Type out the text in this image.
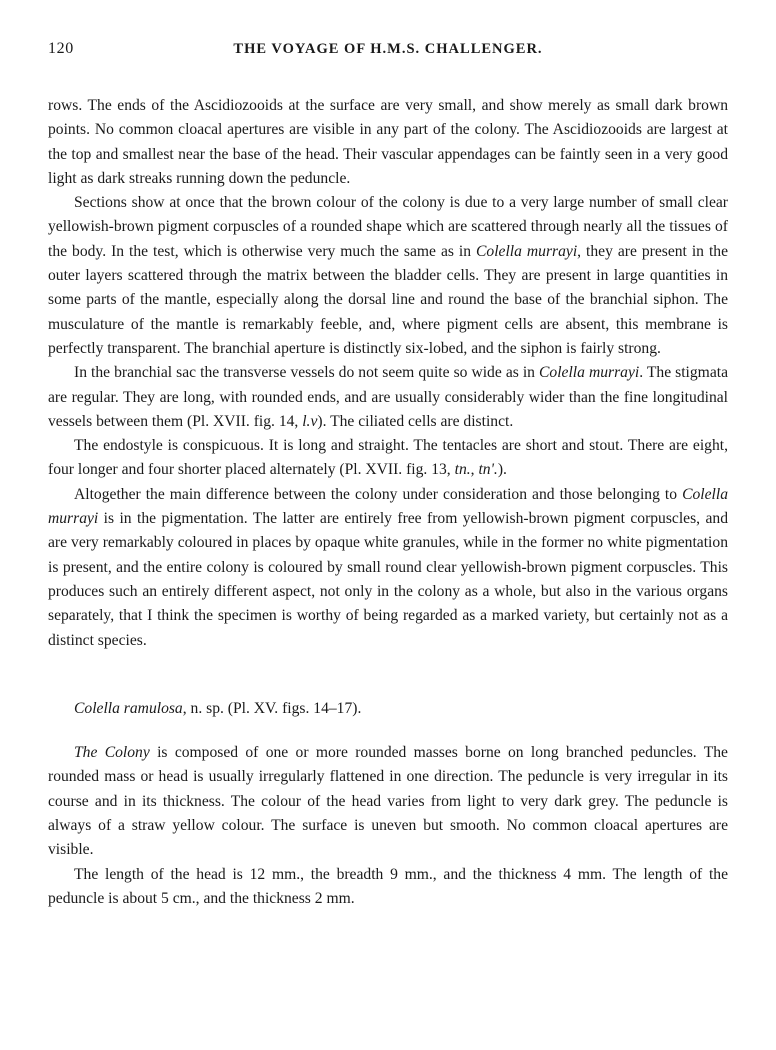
120	THE VOYAGE OF H.M.S. CHALLENGER.

rows. The ends of the Ascidiozooids at the surface are very small, and show merely as small dark brown points. No common cloacal apertures are visible in any part of the colony. The Ascidiozooids are largest at the top and smallest near the base of the head. Their vascular appendages can be faintly seen in a very good light as dark streaks running down the peduncle.

Sections show at once that the brown colour of the colony is due to a very large number of small clear yellowish-brown pigment corpuscles of a rounded shape which are scattered through nearly all the tissues of the body. In the test, which is otherwise very much the same as in Colella murrayi, they are present in the outer layers scattered through the matrix between the bladder cells. They are present in large quantities in some parts of the mantle, especially along the dorsal line and round the base of the branchial siphon. The musculature of the mantle is remarkably feeble, and, where pigment cells are absent, this membrane is perfectly transparent. The branchial aperture is distinctly six-lobed, and the siphon is fairly strong.

In the branchial sac the transverse vessels do not seem quite so wide as in Colella murrayi. The stigmata are regular. They are long, with rounded ends, and are usually considerably wider than the fine longitudinal vessels between them (Pl. XVII. fig. 14, l.v). The ciliated cells are distinct.

The endostyle is conspicuous. It is long and straight. The tentacles are short and stout. There are eight, four longer and four shorter placed alternately (Pl. XVII. fig. 13, tn., tn'.).

Altogether the main difference between the colony under consideration and those belonging to Colella murrayi is in the pigmentation. The latter are entirely free from yellowish-brown pigment corpuscles, and are very remarkably coloured in places by opaque white granules, while in the former no white pigmentation is present, and the entire colony is coloured by small round clear yellowish-brown pigment corpuscles. This produces such an entirely different aspect, not only in the colony as a whole, but also in the various organs separately, that I think the specimen is worthy of being regarded as a marked variety, but certainly not as a distinct species.

Colella ramulosa, n. sp. (Pl. XV. figs. 14–17).

The Colony is composed of one or more rounded masses borne on long branched peduncles. The rounded mass or head is usually irregularly flattened in one direction. The peduncle is very irregular in its course and in its thickness. The colour of the head varies from light to very dark grey. The peduncle is always of a straw yellow colour. The surface is uneven but smooth. No common cloacal apertures are visible.

The length of the head is 12 mm., the breadth 9 mm., and the thickness 4 mm. The length of the peduncle is about 5 cm., and the thickness 2 mm.
